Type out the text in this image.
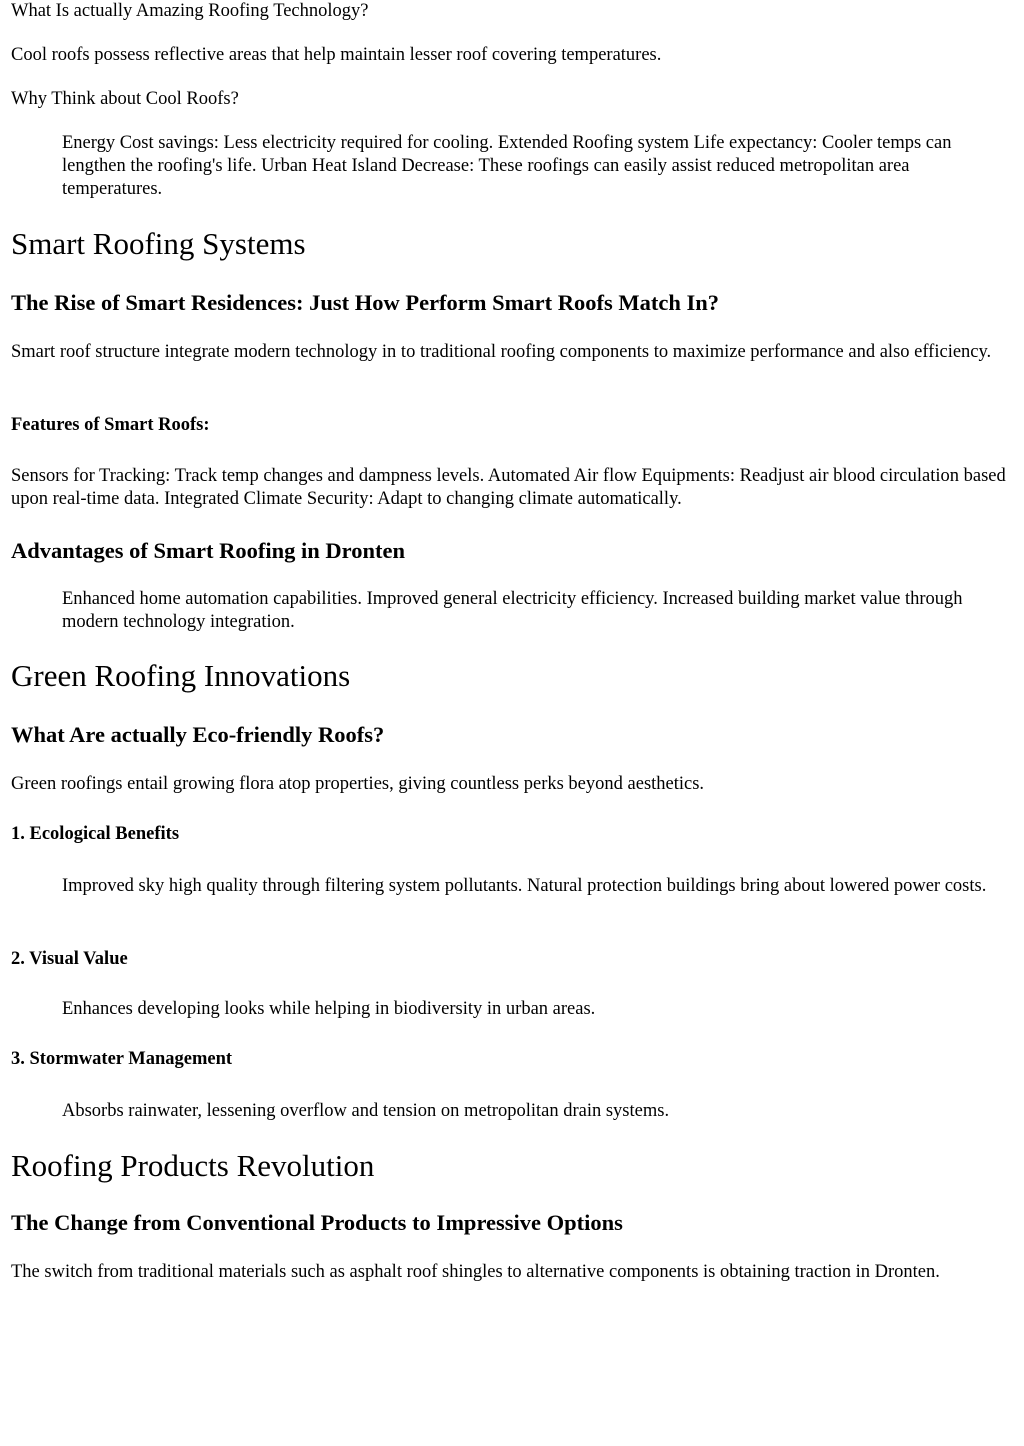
What Is actually Amazing Roofing Technology?

Cool roofs possess reflective areas that help maintain lesser roof covering temperatures.

Why Think about Cool Roofs?

Energy Cost savings: Less electricity required for cooling. Extended Roofing system Life expectancy: Cooler temps can lengthen the roofing's life. Urban Heat Island Decrease: These roofings can easily assist reduced metropolitan area temperatures.
Smart Roofing Systems
The Rise of Smart Residences: Just How Perform Smart Roofs Match In?

Smart roof structure integrate modern technology in to traditional roofing components to maximize performance and also efficiency.

Features of Smart Roofs:

Sensors for Tracking: Track temp changes and dampness levels. Automated Air flow Equipments: Readjust air blood circulation based upon real-time data. Integrated Climate Security: Adapt to changing climate automatically.

Advantages of Smart Roofing in Dronten
Enhanced home automation capabilities. Improved general electricity efficiency. Increased building market value through modern technology integration.
Green Roofing Innovations
What Are actually Eco-friendly Roofs?

Green roofings entail growing flora atop properties, giving countless perks beyond aesthetics.

1. Ecological Benefits
Improved sky high quality through filtering system pollutants. Natural protection buildings bring about lowered power costs.
2. Visual Value
Enhances developing looks while helping in biodiversity in urban areas.
3. Stormwater Management
Absorbs rainwater, lessening overflow and tension on metropolitan drain systems.
Roofing Products Revolution
The Change from Conventional Products to Impressive Options

The switch from traditional materials such as asphalt roof shingles to alternative components is obtaining traction in Dronten.
